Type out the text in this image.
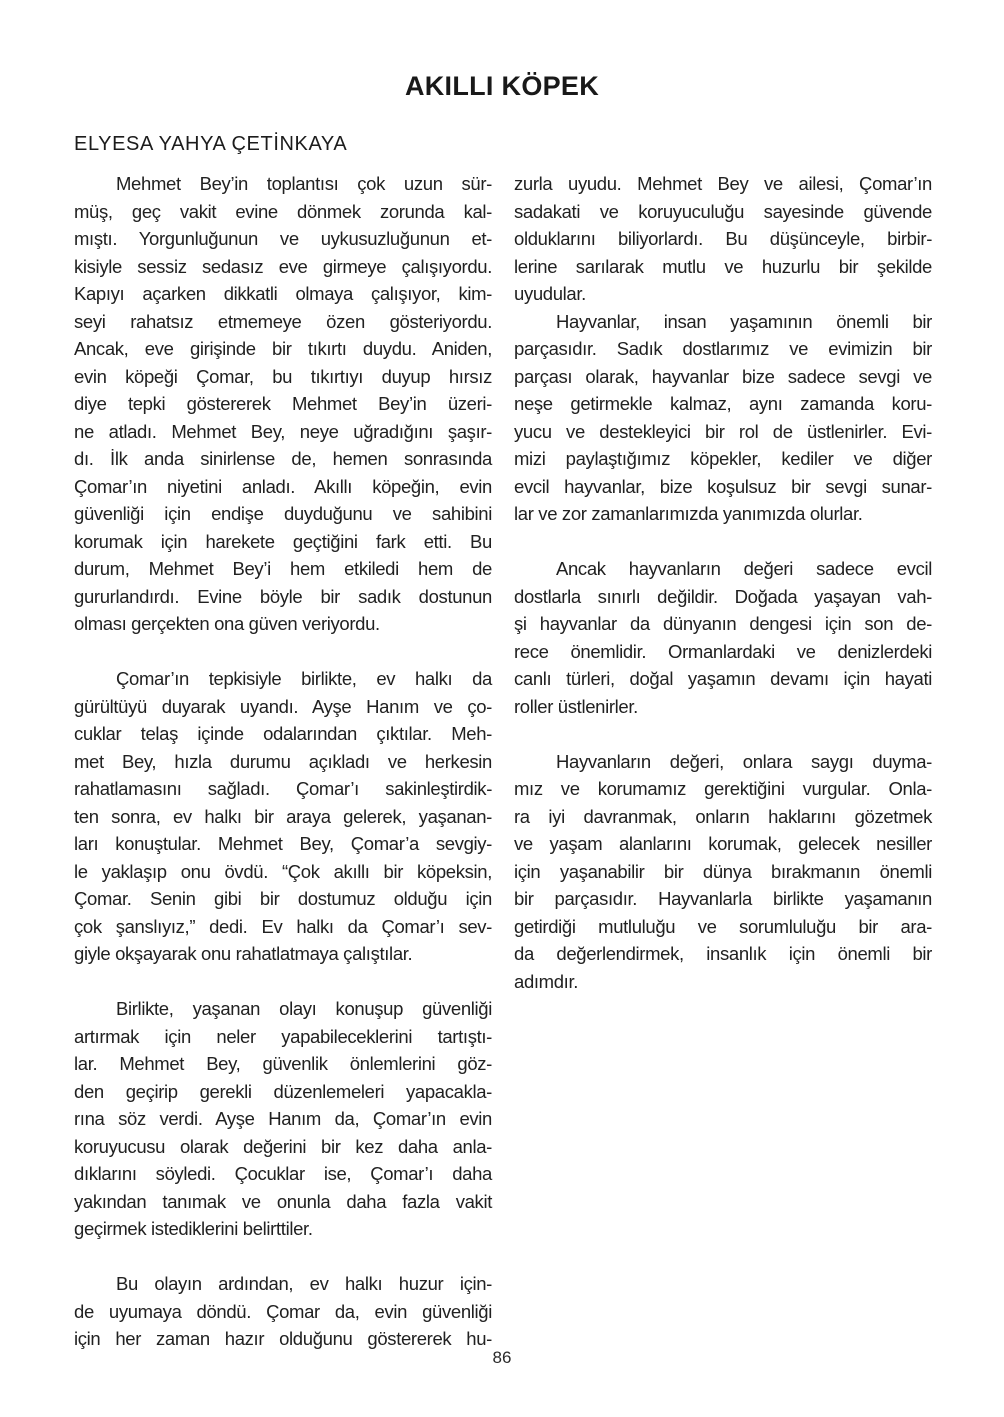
AKILLI KÖPEK
ELYESA YAHYA ÇETİNKAYA
Mehmet Bey’in toplantısı çok uzun sür-
müş, geç vakit evine dönmek zorunda kal-
mıştı. Yorgunluğunun ve uykusuzluğunun et-
kisiyle sessiz sedasız eve girmeye çalışıyordu.
Kapıyı açarken dikkatli olmaya çalışıyor, kim-
seyi rahatsız etmemeye özen gösteriyordu.
Ancak, eve girişinde bir tıkırtı duydu. Aniden,
evin köpeği Çomar, bu tıkırtıyı duyup hırsız
diye tepki göstererek Mehmet Bey’in üzeri-
ne atladı. Mehmet Bey, neye uğradığını şaşır-
dı. İlk anda sinirlense de, hemen sonrasında
Çomar’ın niyetini anladı. Akıllı köpeğin, evin
güvenliği için endişe duyduğunu ve sahibini
korumak için harekete geçtiğini fark etti. Bu
durum, Mehmet Bey’i hem etkiledi hem de
gururlandırdı. Evine böyle bir sadık dostunun
olması gerçekten ona güven veriyordu.
Çomar’ın tepkisiyle birlikte, ev halkı da
gürültüyü duyarak uyandı. Ayşe Hanım ve ço-
cuklar telaş içinde odalarından çıktılar. Meh-
met Bey, hızla durumu açıkladı ve herkesin
rahatlamasını sağladı. Çomar’ı sakinleştirdik-
ten sonra, ev halkı bir araya gelerek, yaşanan-
ları konuştular. Mehmet Bey, Çomar’a sevgiy-
le yaklaşıp onu övdü. “Çok akıllı bir köpeksin,
Çomar. Senin gibi bir dostumuz olduğu için
çok şanslıyız,” dedi. Ev halkı da Çomar’ı sev-
giyle okşayarak onu rahatlatmaya çalıştılar.
Birlikte, yaşanan olayı konuşup güvenliği
artırmak için neler yapabileceklerini tartıştı-
lar. Mehmet Bey, güvenlik önlemlerini göz-
den geçirip gerekli düzenlemeleri yapacakla-
rına söz verdi. Ayşe Hanım da, Çomar’ın evin
koruyucusu olarak değerini bir kez daha anla-
dıklarını söyledi. Çocuklar ise, Çomar’ı daha
yakından tanımak ve onunla daha fazla vakit
geçirmek istediklerini belirttiler.
Bu olayın ardından, ev halkı huzur için-
de uyumaya döndü. Çomar da, evin güvenliği
için her zaman hazır olduğunu göstererek hu-
zurla uyudu. Mehmet Bey ve ailesi, Çomar’ın
sadakati ve koruyuculuğu sayesinde güvende
olduklarını biliyorlardı. Bu düşünceyle, birbir-
lerine sarılarak mutlu ve huzurlu bir şekilde
uyudular.
Hayvanlar, insan yaşamının önemli bir
parçasıdır. Sadık dostlarımız ve evimizin bir
parçası olarak, hayvanlar bize sadece sevgi ve
neşe getirmekle kalmaz, aynı zamanda koru-
yucu ve destekleyici bir rol de üstlenirler. Evi-
mizi paylaştığımız köpekler, kediler ve diğer
evcil hayvanlar, bize koşulsuz bir sevgi sunar-
lar ve zor zamanlarımızda yanımızda olurlar.
Ancak hayvanların değeri sadece evcil
dostlarla sınırlı değildir. Doğada yaşayan vah-
şi hayvanlar da dünyanın dengesi için son de-
rece önemlidir. Ormanlardaki ve denizlerdeki
canlı türleri, doğal yaşamın devamı için hayati
roller üstlenirler.
Hayvanların değeri, onlara saygı duyma-
mız ve korumamız gerektiğini vurgular. Onla-
ra iyi davranmak, onların haklarını gözetmek
ve yaşam alanlarını korumak, gelecek nesiller
için yaşanabilir bir dünya bırakmanın önemli
bir parçasıdır. Hayvanlarla birlikte yaşamanın
getirdiği mutluluğu ve sorumluluğu bir ara-
da değerlendirmek, insanlık için önemli bir
adımdır.
86
